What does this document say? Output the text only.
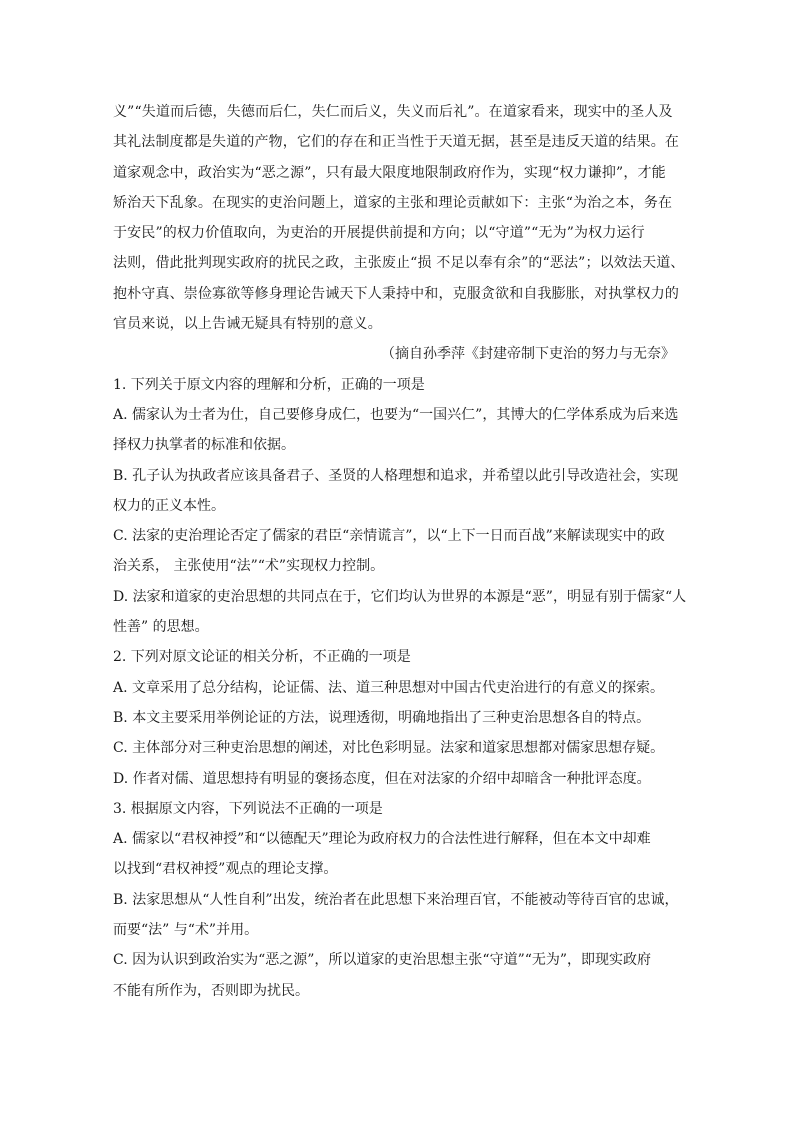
义”“失道而后德，失德而后仁，失仁而后义，失义而后礼”。在道家看来，现实中的圣人及
其礼法制度都是失道的产物，它们的存在和正当性于天道无据，甚至是违反天道的结果。在
道家观念中，政治实为“恶之源”，只有最大限度地限制政府作为，实现“权力谦抑”，才能
矫治天下乱象。在现实的吏治问题上，道家的主张和理论贡献如下：主张“为治之本，务在
于安民”的权力价值取向，为吏治的开展提供前提和方向；以“守道”“无为”为权力运行
法则，借此批判现实政府的扰民之政，主张废止“损 不足以奉有余”的“恶法”；以效法天道、
抱朴守真、崇俭寡欲等修身理论告诫天下人秉持中和，克服贪欲和自我膨胀，对执掌权力的
官员来说，以上告诫无疑具有特别的意义。

（摘自孙季萍《封建帝制下吏治的努力与无奈》

1. 下列关于原文内容的理解和分析，正确的一项是

A. 儒家认为士者为仕，自己要修身成仁，也要为“一国兴仁”，其博大的仁学体系成为后来选
择权力执掌者的标准和依据。

B. 孔子认为执政者应该具备君子、圣贤的人格理想和追求，并希望以此引导改造社会，实现
权力的正义本性。

C. 法家的吏治理论否定了儒家的君臣“亲情谎言”，以“上下一日而百战”来解读现实中的政
治关系， 主张使用“法”“术”实现权力控制。

D. 法家和道家的吏治思想的共同点在于，它们均认为世界的本源是“恶”，明显有别于儒家“人
性善” 的思想。

2. 下列对原文论证的相关分析，不正确的一项是

A. 文章采用了总分结构，论证儒、法、道三种思想对中国古代吏治进行的有意义的探索。

B. 本文主要采用举例论证的方法，说理透彻，明确地指出了三种吏治思想各自的特点。

C. 主体部分对三种吏治思想的阐述，对比色彩明显。法家和道家思想都对儒家思想存疑。

D. 作者对儒、道思想持有明显的褒扬态度，但在对法家的介绍中却暗含一种批评态度。

3. 根据原文内容，下列说法不正确的一项是

A. 儒家以“君权神授”和“以德配天”理论为政府权力的合法性进行解释，但在本文中却难
以找到“君权神授”观点的理论支撑。

B. 法家思想从“人性自利”出发，统治者在此思想下来治理百官，不能被动等待百官的忠诚，
而要“法” 与“术”并用。

C. 因为认识到政治实为“恶之源”，所以道家的吏治思想主张“守道”“无为”，即现实政府
不能有所作为，否则即为扰民。
